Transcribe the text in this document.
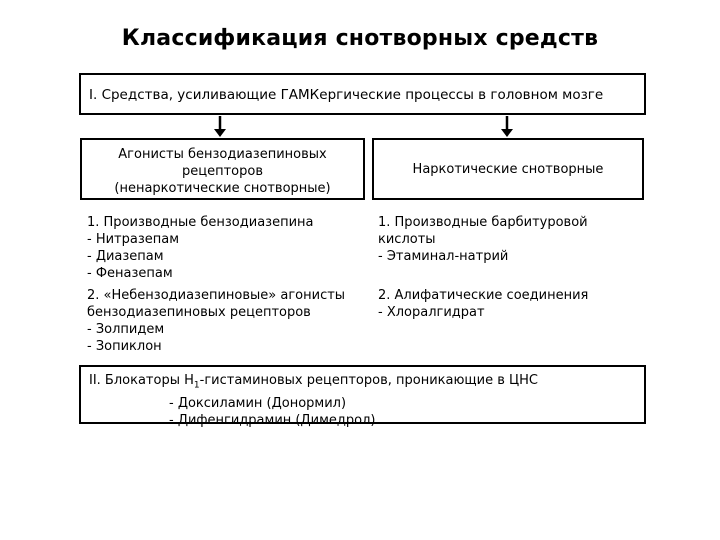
Классификация снотворных средств
I. Средства, усиливающие ГАМКергические процессы в головном мозге
Агонисты бензодиазепиновых
рецепторов
(ненаркотические снотворные)
Наркотические снотворные
1. Производные бензодиазепина
- Нитразепам
- Диазепам
- Феназепам
2. «Небензодиазепиновые» агонисты
бензодиазепиновых рецепторов
- Золпидем
- Зопиклон
1. Производные барбитуровой
кислоты
- Этаминал-натрий
2. Алифатические соединения
- Хлоралгидрат
II. Блокаторы $H_1$-гистаминовых рецепторов, проникающие в ЦНС
- Доксиламин (Донормил)
- Дифенгидрамин (Димедрол)
